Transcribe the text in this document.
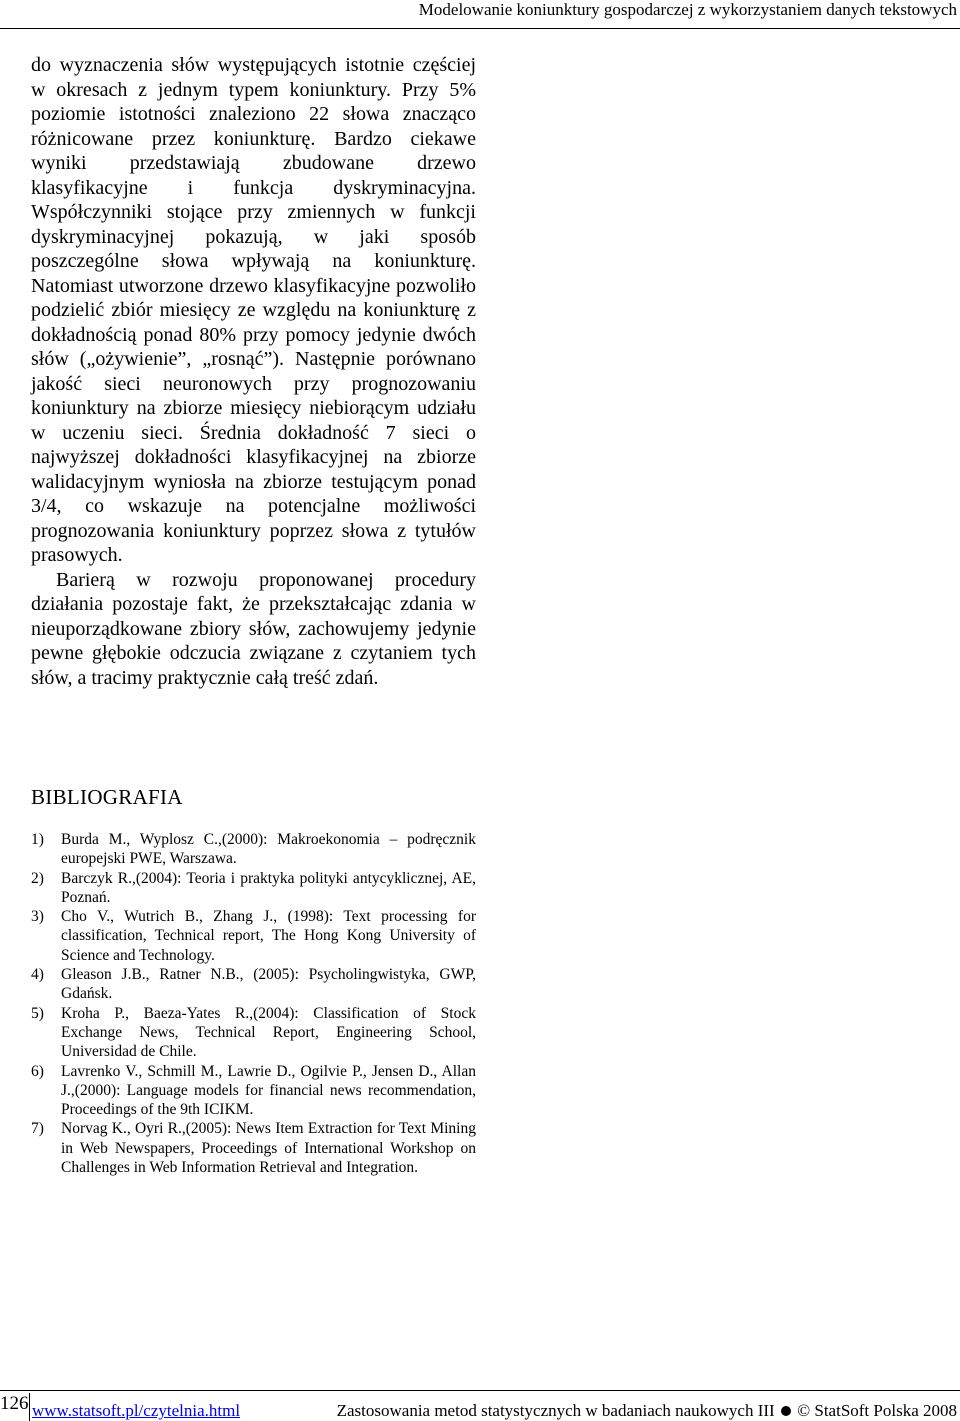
Modelowanie koniunktury gospodarczej z wykorzystaniem danych tekstowych

do wyznaczenia słów występujących istotnie częściej w okresach z jednym typem koniunktury. Przy 5% poziomie istotności znaleziono 22 słowa znacząco różnicowane przez koniunkturę. Bardzo ciekawe wyniki przedstawiają zbudowane drzewo klasyfikacyjne i funkcja dyskryminacyjna. Współczynniki stojące przy zmiennych w funkcji dyskryminacyjnej pokazują, w jaki sposób poszczególne słowa wpływają na koniunkturę. Natomiast utworzone drzewo klasyfikacyjne pozwoliło podzielić zbiór miesięcy ze względu na koniunkturę z dokładnością ponad 80% przy pomocy jedynie dwóch słów („ożywienie”, „rosnąć”). Następnie porównano jakość sieci neuronowych przy prognozowaniu koniunktury na zbiorze miesięcy niebiorącym udziału w uczeniu sieci. Średnia dokładność 7 sieci o najwyższej dokładności klasyfikacyjnej na zbiorze walidacyjnym wyniosła na zbiorze testującym ponad 3/4, co wskazuje na potencjalne możliwości prognozowania koniunktury poprzez słowa z tytułów prasowych.

Barierą w rozwoju proponowanej procedury działania pozostaje fakt, że przekształcając zdania w nieuporządkowane zbiory słów, zachowujemy jedynie pewne głębokie odczucia związane z czytaniem tych słów, a tracimy praktycznie całą treść zdań.

BIBLIOGRAFIA
1)	Burda M., Wyplosz C.,(2000): Makroekonomia – podręcznik europejski PWE, Warszawa.
2)	Barczyk R.,(2004): Teoria i praktyka polityki antycyklicznej, AE, Poznań.
3)	Cho V., Wutrich B., Zhang J., (1998): Text processing for classification, Technical report, The Hong Kong University of Science and Technology.
4)	Gleason J.B., Ratner N.B., (2005): Psycholingwistyka, GWP, Gdańsk.
5)	Kroha P., Baeza-Yates R.,(2004): Classification of Stock Exchange News, Technical Report, Engineering School, Universidad de Chile.
6)	Lavrenko V., Schmill M., Lawrie D., Ogilvie P., Jensen D., Allan J.,(2000): Language models for financial news recommendation, Proceedings of the 9th ICIKM.
7)	Norvag K., Oyri R.,(2005): News Item Extraction for Text Mining in Web Newspapers, Proceedings of International Workshop on Challenges in Web Information Retrieval and Integration.
126 www.statsoft.pl/czytelnia.html	Zastosowania metod statystycznych w badaniach naukowych III © StatSoft Polska 2008
